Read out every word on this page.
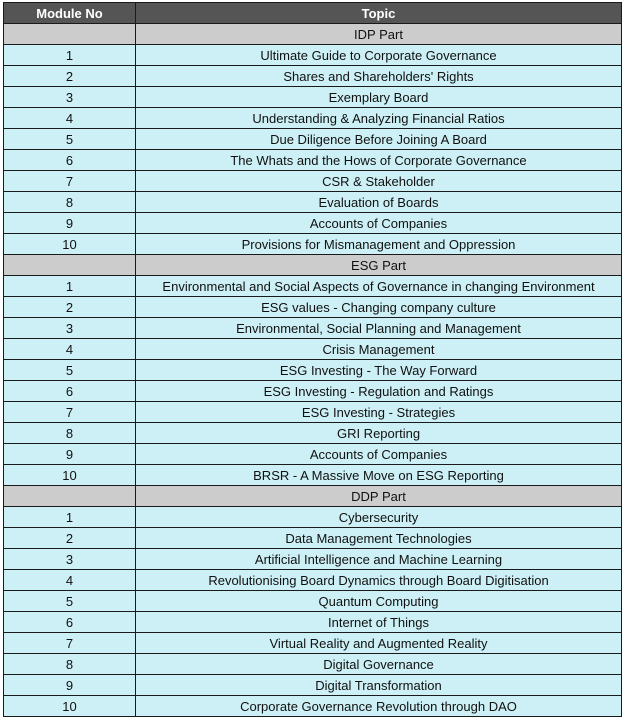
Module No	Topic
	IDP Part
1	Ultimate Guide to Corporate Governance
2	Shares and Shareholders' Rights
3	Exemplary Board
4	Understanding & Analyzing Financial Ratios
5	Due Diligence Before Joining A Board
6	The Whats and the Hows of Corporate Governance
7	CSR & Stakeholder
8	Evaluation of Boards
9	Accounts of Companies
10	Provisions for Mismanagement and Oppression
	ESG Part
1	Environmental and Social Aspects of Governance in changing Environment
2	ESG values - Changing company culture
3	Environmental, Social Planning and Management
4	Crisis Management
5	ESG Investing - The Way Forward
6	ESG Investing - Regulation and Ratings
7	ESG Investing - Strategies
8	GRI Reporting
9	Accounts of Companies
10	BRSR - A Massive Move on ESG Reporting
	DDP Part
1	Cybersecurity
2	Data Management Technologies
3	Artificial Intelligence and Machine Learning
4	Revolutionising Board Dynamics through Board Digitisation
5	Quantum Computing
6	Internet of Things
7	Virtual Reality and Augmented Reality
8	Digital Governance
9	Digital Transformation
10	Corporate Governance Revolution through DAO
